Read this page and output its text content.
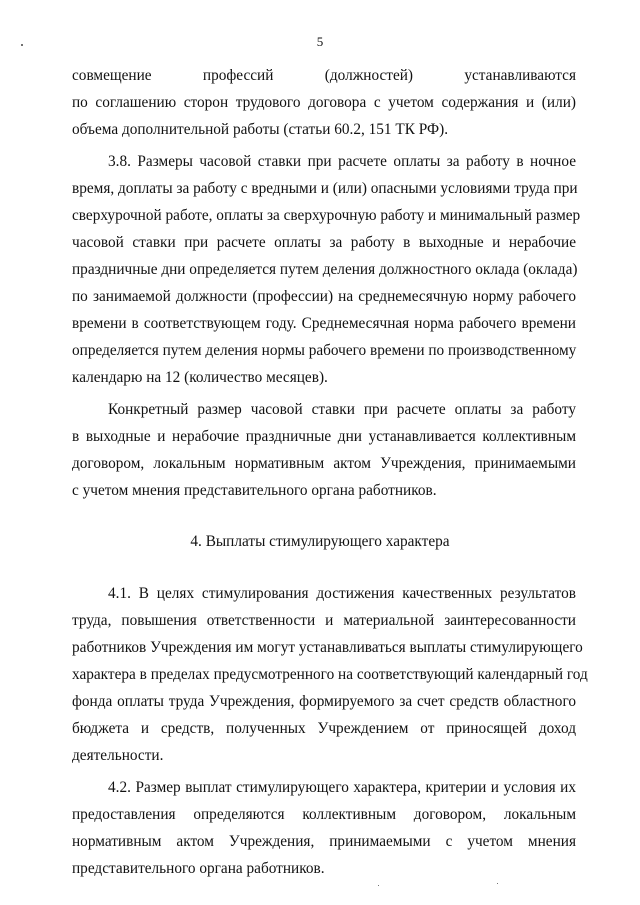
5
совмещение профессий (должностей) устанавливаются
по соглашению сторон трудового договора с учетом содержания и (или)
объема дополнительной работы (статьи 60.2, 151 ТК РФ).
3.8. Размеры часовой ставки при расчете оплаты за работу в ночное
время, доплаты за работу с вредными и (или) опасными условиями труда при
сверхурочной работе, оплаты за сверхурочную работу и минимальный размер
часовой ставки при расчете оплаты за работу в выходные и нерабочие
праздничные дни определяется путем деления должностного оклада (оклада)
по занимаемой должности (профессии) на среднемесячную норму рабочего
времени в соответствующем году. Среднемесячная норма рабочего времени
определяется путем деления нормы рабочего времени по производственному
календарю на 12 (количество месяцев).
Конкретный размер часовой ставки при расчете оплаты за работу
в выходные и нерабочие праздничные дни устанавливается коллективным
договором, локальным нормативным актом Учреждения, принимаемыми
с учетом мнения представительного органа работников.
4. Выплаты стимулирующего характера
4.1. В целях стимулирования достижения качественных результатов
труда, повышения ответственности и материальной заинтересованности
работников Учреждения им могут устанавливаться выплаты стимулирующего
характера в пределах предусмотренного на соответствующий календарный год
фонда оплаты труда Учреждения, формируемого за счет средств областного
бюджета и средств, полученных Учреждением от приносящей доход
деятельности.
4.2. Размер выплат стимулирующего характера, критерии и условия их
предоставления определяются коллективным договором, локальным
нормативным актом Учреждения, принимаемыми с учетом мнения
представительного органа работников.
